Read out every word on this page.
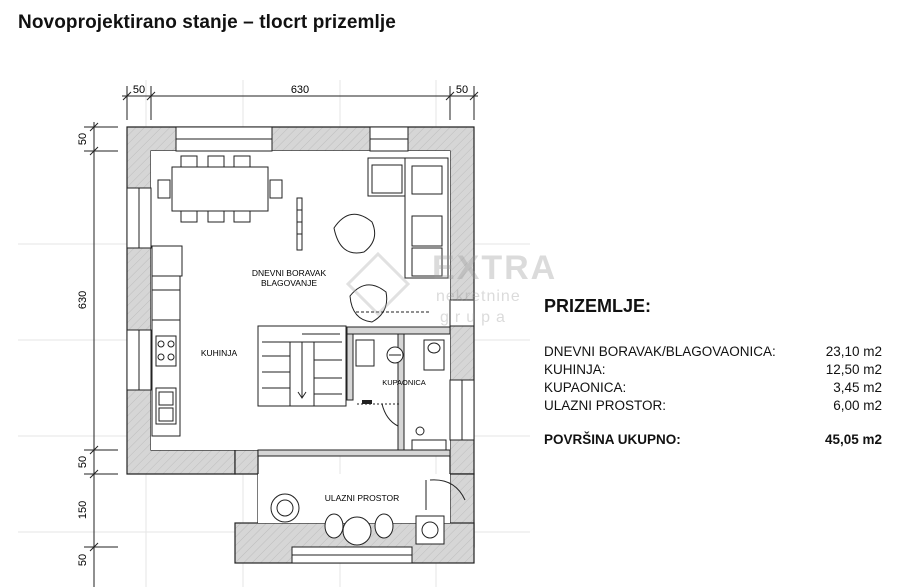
Novoprojektirano stanje – tlocrt prizemlje
50	630	50
50
630
50
150
50
DNEVNI BORAVAK
BLAGOVANJE
KUHINJA
KUPAONICA
ULAZNI PROSTOR
EXTRA
nekretnine
grupa
PRIZEMLJE:
DNEVNI BORAVAK/BLAGOVAONICA:	23,10 m2
KUHINJA:	12,50 m2
KUPAONICA:	3,45 m2
ULAZNI PROSTOR:	6,00 m2
POVRŠINA UKUPNO:	45,05 m2
